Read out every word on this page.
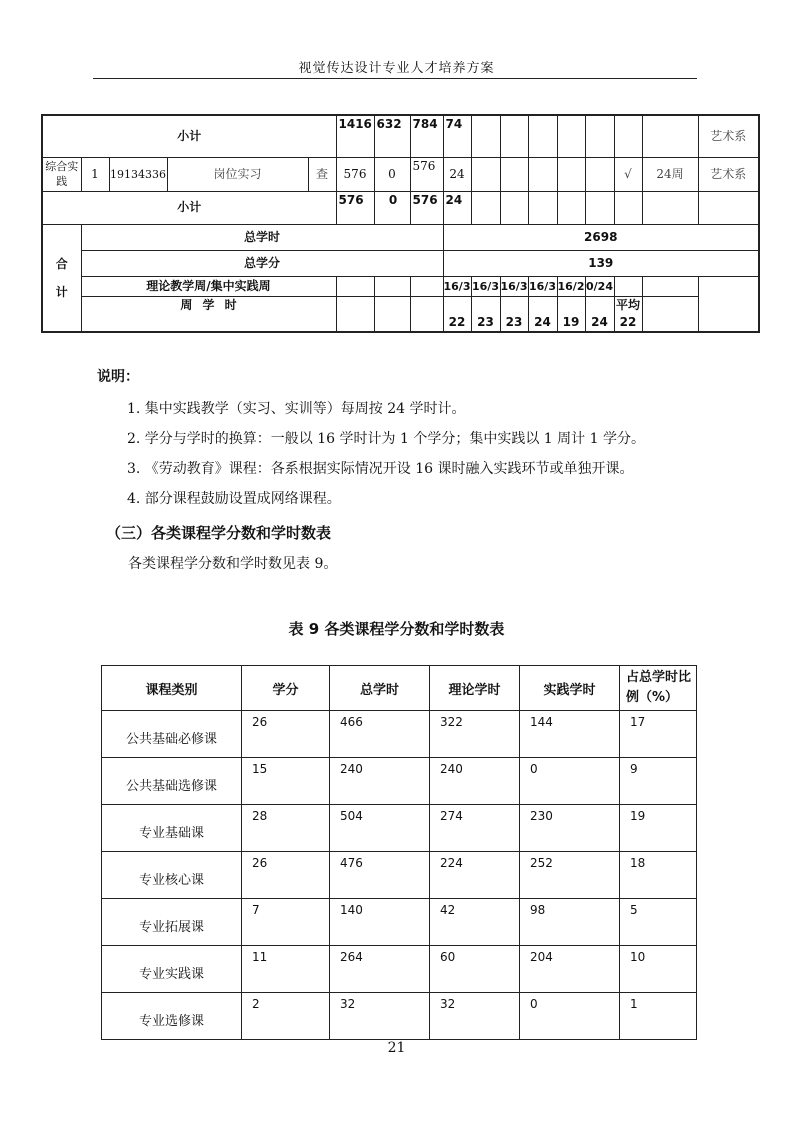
视觉传达设计专业人才培养方案
小计					1416	632	784	74								艺术系
综合实践	1	19134336	岗位实习	查	576	0	576	24						√	24周	艺术系
小计					576	0	576	24								
合计	总学时							2698								
	总学分							139								
	理论教学周/集中实践周							16/3	16/3	16/3	16/3	16/2	0/24			
	周 学 时							22	23	23	24	19	24	平均22		
说明：
1. 集中实践教学（实习、实训等）每周按 24 学时计。
2. 学分与学时的换算：一般以 16 学时计为 1 个学分；集中实践以 1 周计 1 学分。
3. 《劳动教育》课程：各系根据实际情况开设 16 课时融入实践环节或单独开课。
4. 部分课程鼓励设置成网络课程。
（三）各类课程学分数和学时数表
各类课程学分数和学时数见表 9。
表 9 各类课程学分数和学时数表
课程类别	学分	总学时	理论学时	实践学时	占总学时比例（%）
公共基础必修课	26	466	322	144	17
公共基础选修课	15	240	240	0	9
专业基础课	28	504	274	230	19
专业核心课	26	476	224	252	18
专业拓展课	7	140	42	98	5
专业实践课	11	264	60	204	10
专业选修课	2	32	32	0	1
21
